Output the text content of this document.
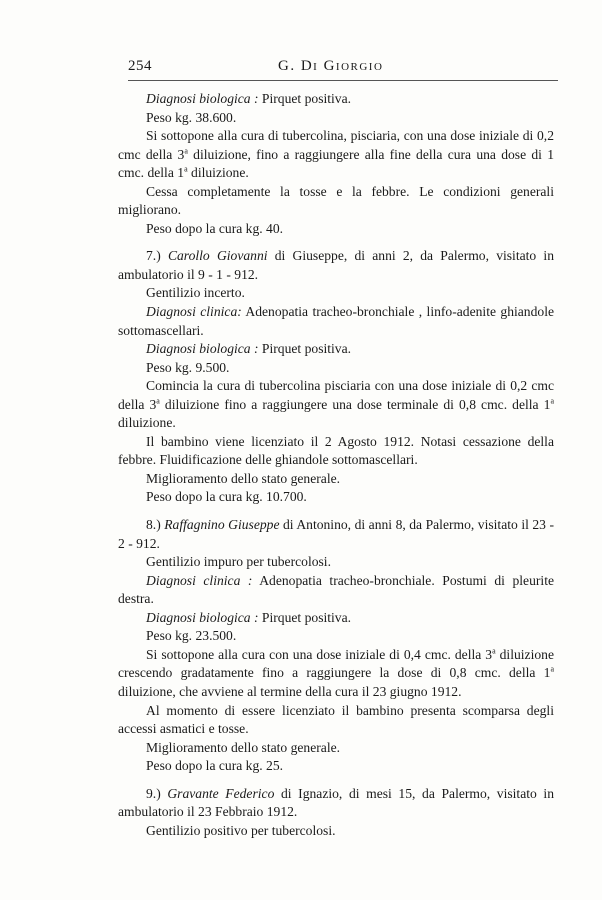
254	G. Di Giorgio

Diagnosi biologica : Pirquet positiva.

Peso kg. 38.600.

Si sottopone alla cura di tubercolina, pisciaria, con una dose iniziale di 0,2 cmc della 3$^a$ diluizione, fino a raggiungere alla fine della cura una dose di 1 cmc. della 1$^a$ diluizione.

Cessa completamente la tosse e la febbre. Le condizioni generali migliorano.

Peso dopo la cura kg. 40.

7.) Carollo Giovanni di Giuseppe, di anni 2, da Palermo, visitato in ambulatorio il 9 - 1 - 912.

Gentilizio incerto.

Diagnosi clinica: Adenopatia tracheo-bronchiale , linfo-adenite ghiandole sottomascellari.

Diagnosi biologica : Pirquet positiva.

Peso kg. 9.500.

Comincia la cura di tubercolina pisciaria con una dose iniziale di 0,2 cmc della 3$^a$ diluizione fino a raggiungere una dose terminale di 0,8 cmc. della 1$^a$ diluizione.

Il bambino viene licenziato il 2 Agosto 1912. Notasi cessazione della febbre. Fluidificazione delle ghiandole sottomascellari.

Miglioramento dello stato generale.

Peso dopo la cura kg. 10.700.

8.) Raffagnino Giuseppe di Antonino, di anni 8, da Palermo, visitato il 23 - 2 - 912.

Gentilizio impuro per tubercolosi.

Diagnosi clinica : Adenopatia tracheo-bronchiale. Postumi di pleurite destra.

Diagnosi biologica : Pirquet positiva.

Peso kg. 23.500.

Si sottopone alla cura con una dose iniziale di 0,4 cmc. della 3$^a$ diluizione crescendo gradatamente fino a raggiungere la dose di 0,8 cmc. della 1$^a$ diluizione, che avviene al termine della cura il 23 giugno 1912.

Al momento di essere licenziato il bambino presenta scomparsa degli accessi asmatici e tosse.

Miglioramento dello stato generale.

Peso dopo la cura kg. 25.

9.) Gravante Federico di Ignazio, di mesi 15, da Palermo, visitato in ambulatorio il 23 Febbraio 1912.

Gentilizio positivo per tubercolosi.
